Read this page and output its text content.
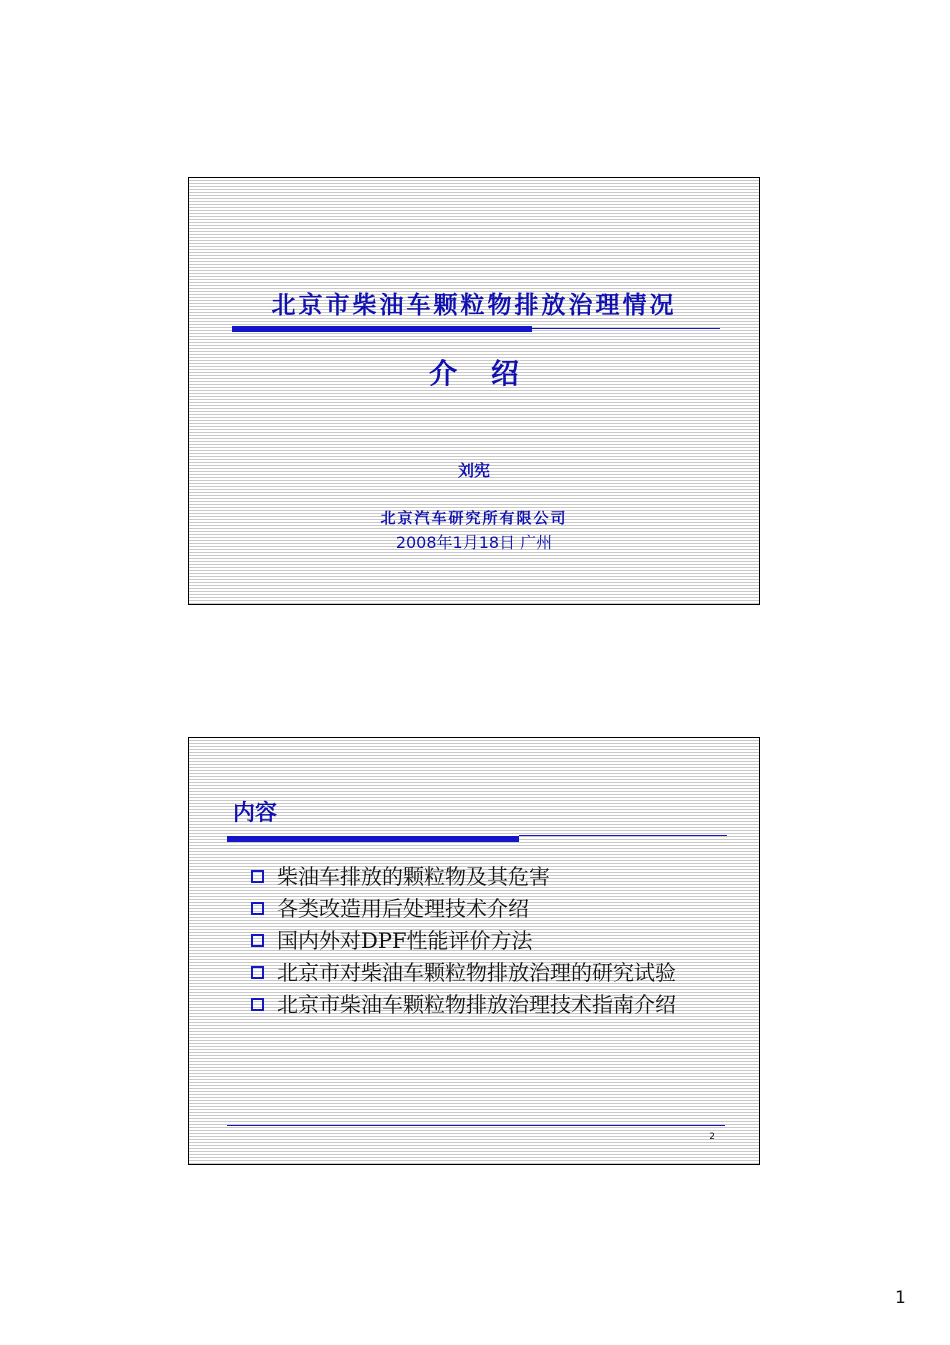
北京市柴油车颗粒物排放治理情况
介 绍
刘宪
北京汽车研究所有限公司
2008年1月18日 广州
内容
柴油车排放的颗粒物及其危害
各类改造用后处理技术介绍
国内外对DPF性能评价方法
北京市对柴油车颗粒物排放治理的研究试验
北京市柴油车颗粒物排放治理技术指南介绍
2
1
